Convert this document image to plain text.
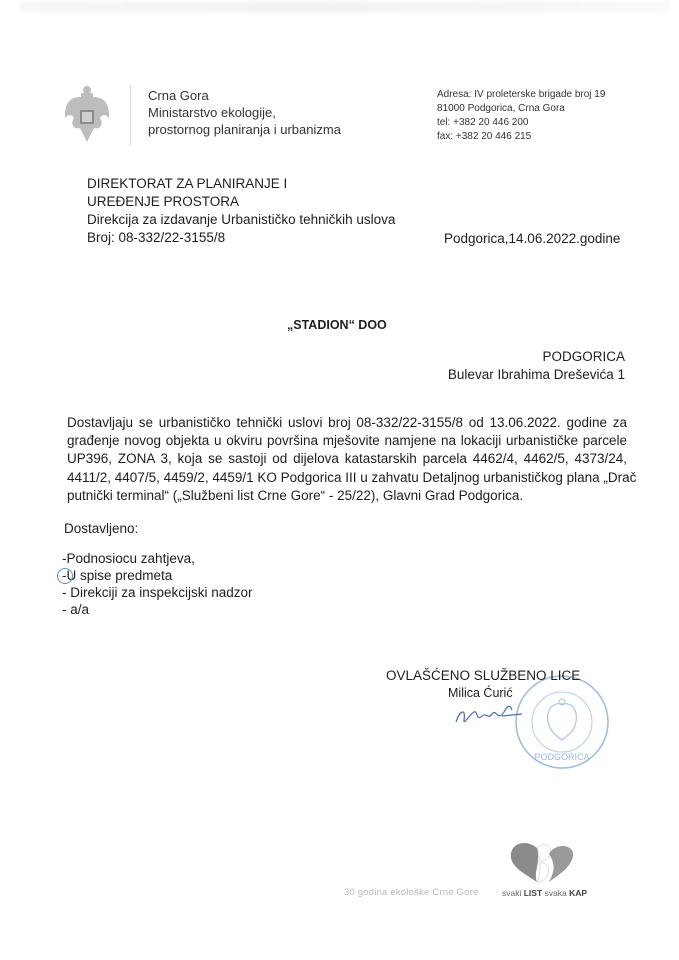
Crna Gora
Ministarstvo ekologije,
prostornog planiranja i urbanizma
Adresa: IV proleterske brigade broj 19
81000 Podgorica, Crna Gora
tel: +382 20 446 200
fax: +382 20 446 215
DIREKTORAT ZA PLANIRANJE I
UREĐENJE PROSTORA
Direkcija za izdavanje Urbanističko tehničkih uslova
Broj: 08-332/22-3155/8	Podgorica,14.06.2022.godine
„STADION“ DOO
PODGORICA
Bulevar Ibrahima Dreševića 1
Dostavljaju se urbanističko tehnički uslovi broj 08-332/22-3155/8 od 13.06.2022. godine za
građenje novog objekta u okviru površina mješovite namjene na lokaciji urbanističke parcele
UP396, ZONA 3, koja se sastoji od dijelova katastarskih parcela 4462/4, 4462/5, 4373/24,
4411/2, 4407/5, 4459/2, 4459/1 KO Podgorica III u zahvatu Detaljnog urbanističkog plana „Drač
putnički terminal“ („Službeni list Crne Gore“ - 25/22), Glavni Grad Podgorica.
Dostavljeno:
-Podnosiocu zahtjeva,
-U spise predmeta
- Direkciji za inspekcijski nadzor
- a/a
PODGORICA
OVLAŠĆENO SLUŽBENO LICE
Milica Ćurić
30 godina ekološke Crne Gore	svaki LIST svaka KAP
